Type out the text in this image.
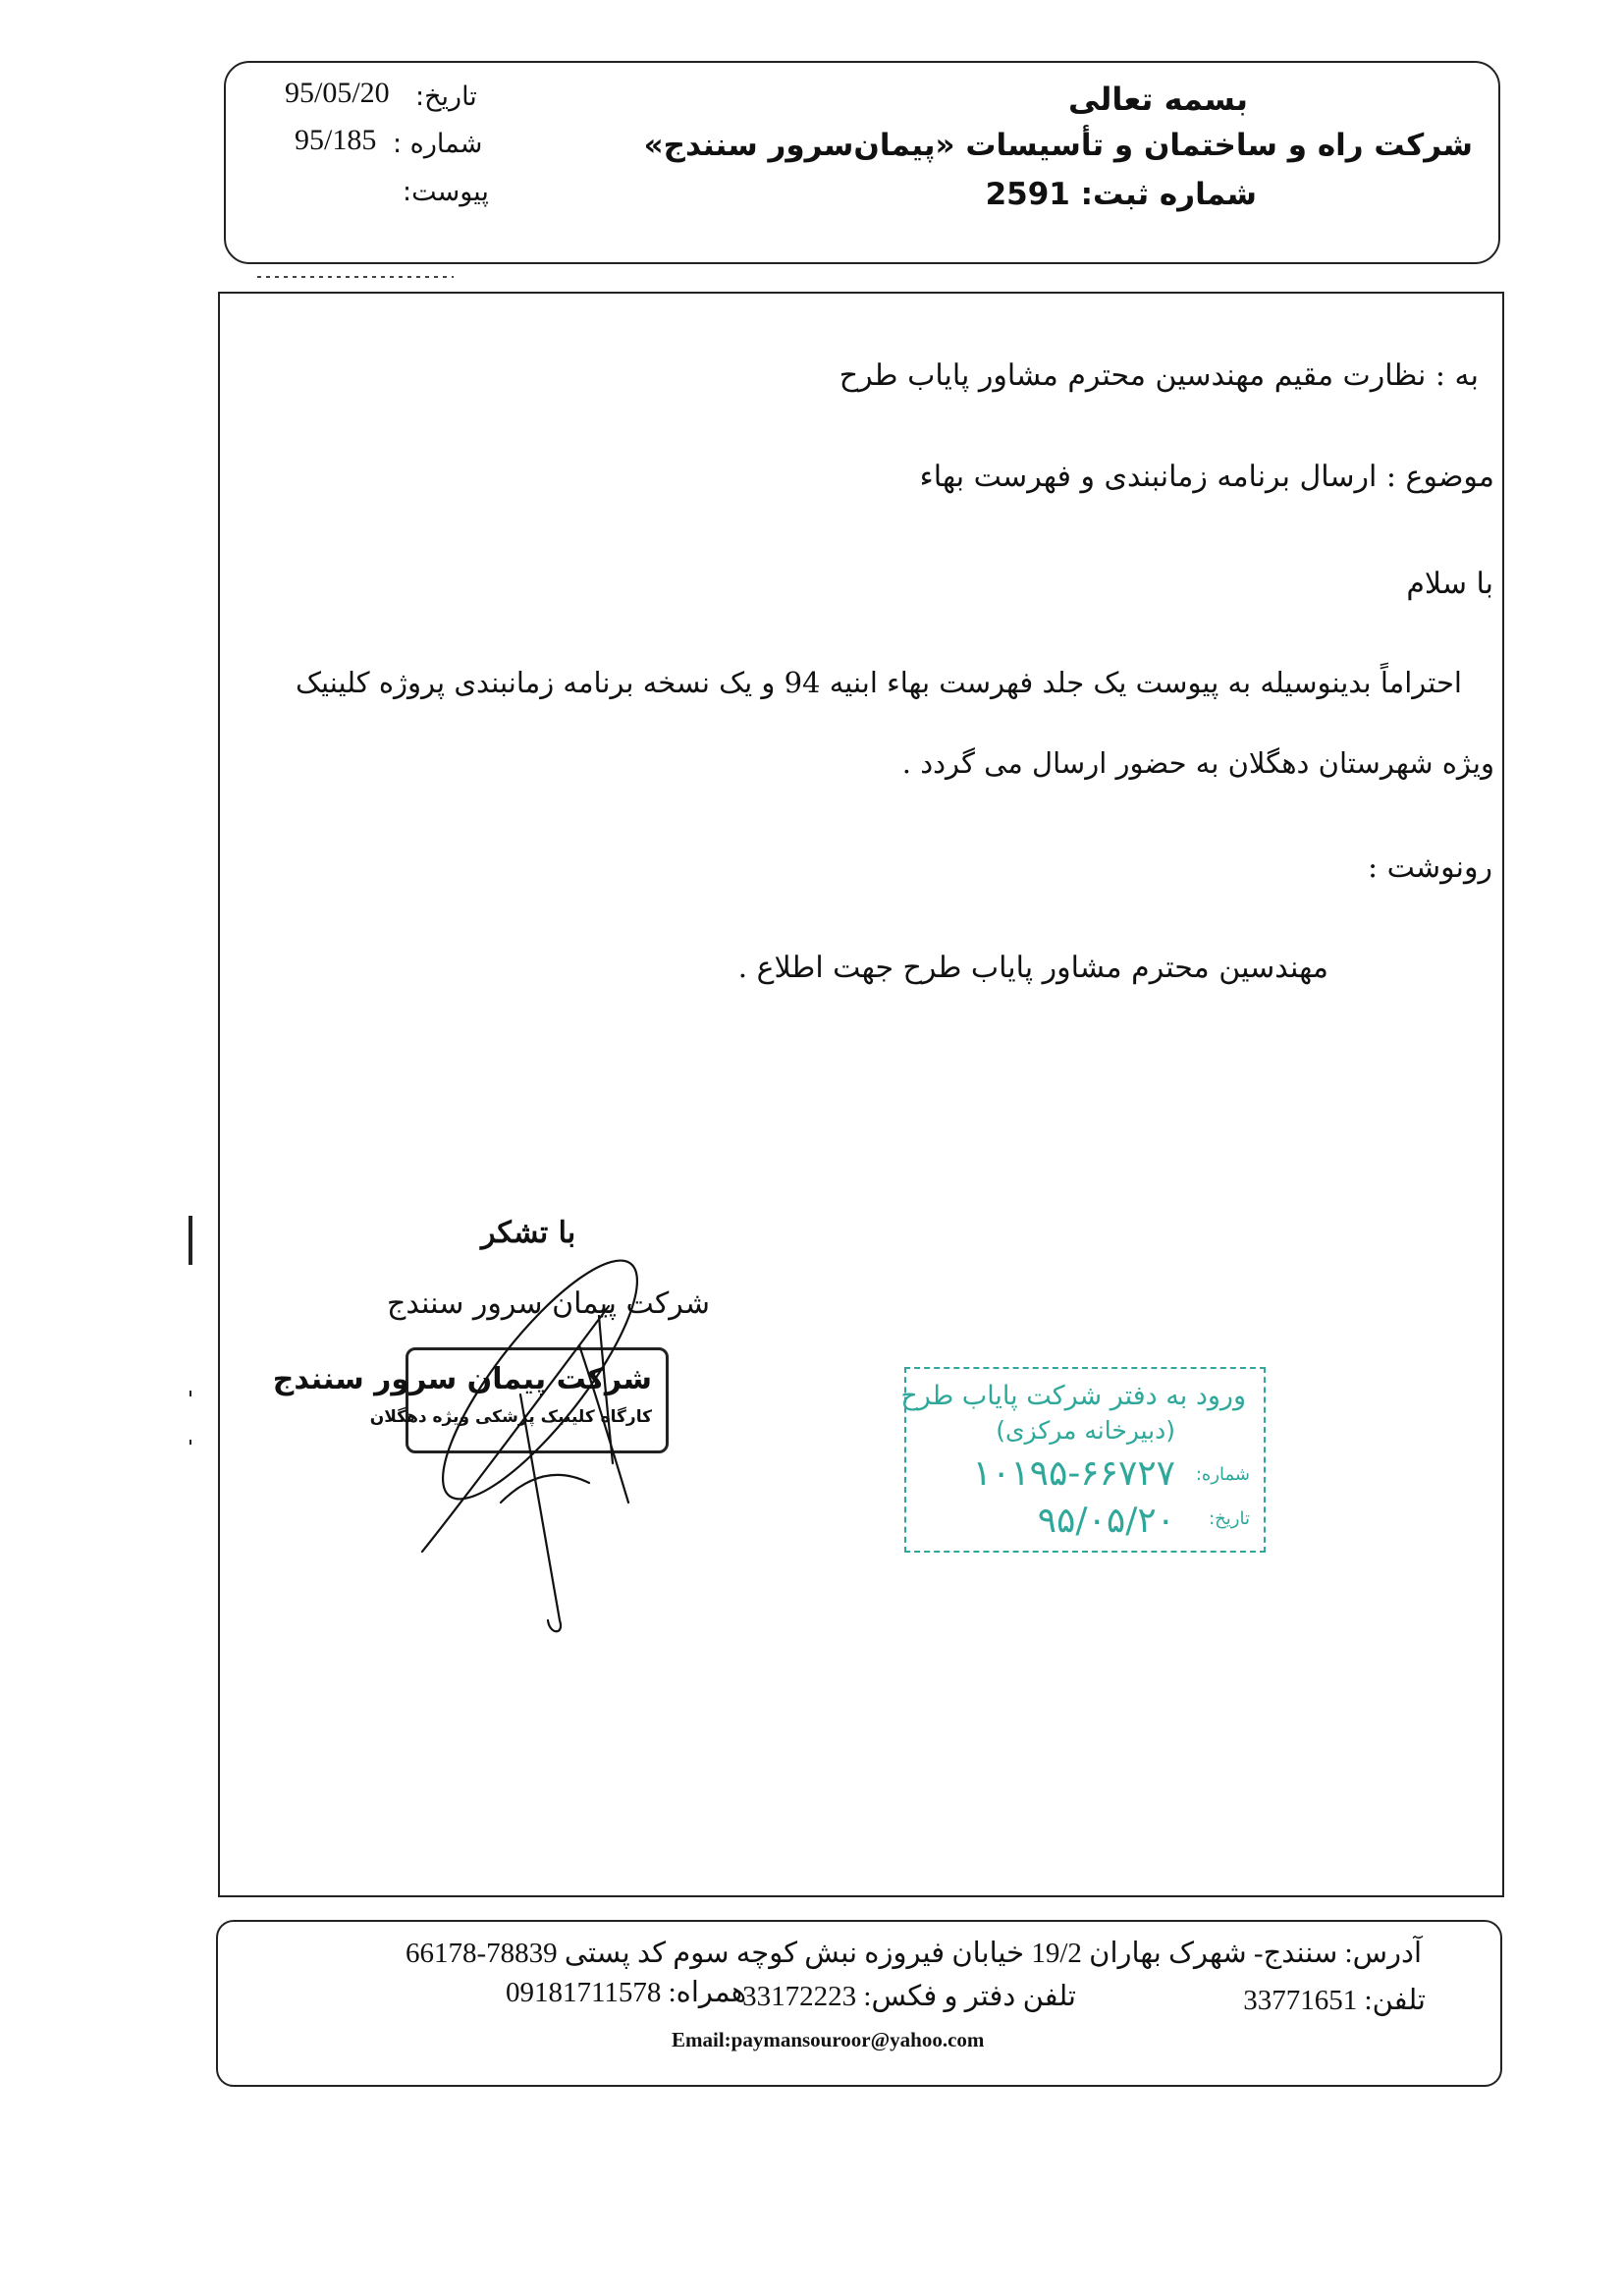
بسمه تعالی
شرکت راه و ساختمان و تأسیسات «پیمان‌سرور سنندج»
شماره ثبت: 2591
تاریخ:
95/05/20
شماره :
95/185
پیوست:
به : نظارت مقیم مهندسین محترم مشاور پایاب طرح
موضوع : ارسال برنامه زمانبندی و فهرست بهاء
با سلام
احتراماً بدینوسیله به پیوست یک جلد فهرست بهاء ابنیه 94 و یک نسخه برنامه زمانبندی پروژه کلینیک
ویژه شهرستان دهگلان به حضور ارسال می گردد .
رونوشت :
مهندسین محترم مشاور پایاب طرح جهت اطلاع .
با تشکر
شرکت پیمان سرور سنندج
شرکت پیمان سرور سنندج
کارگاه کلینیک پزشکی ویژه دهگلان
ورود به دفتر شرکت پایاب طرح
(دبیرخانه مرکزی)
شماره:
۱۰۱۹۵-۶۶۷۲۷
تاریخ:
۹۵/۰۵/۲۰
آدرس: سنندج- شهرک بهاران 19/2 خیابان فیروزه نبش کوچه سوم کد پستی 78839-66178
تلفن: 33771651
تلفن دفتر و فکس: 33172223
همراه: 09181711578
Email:paymansouroor@yahoo.com
